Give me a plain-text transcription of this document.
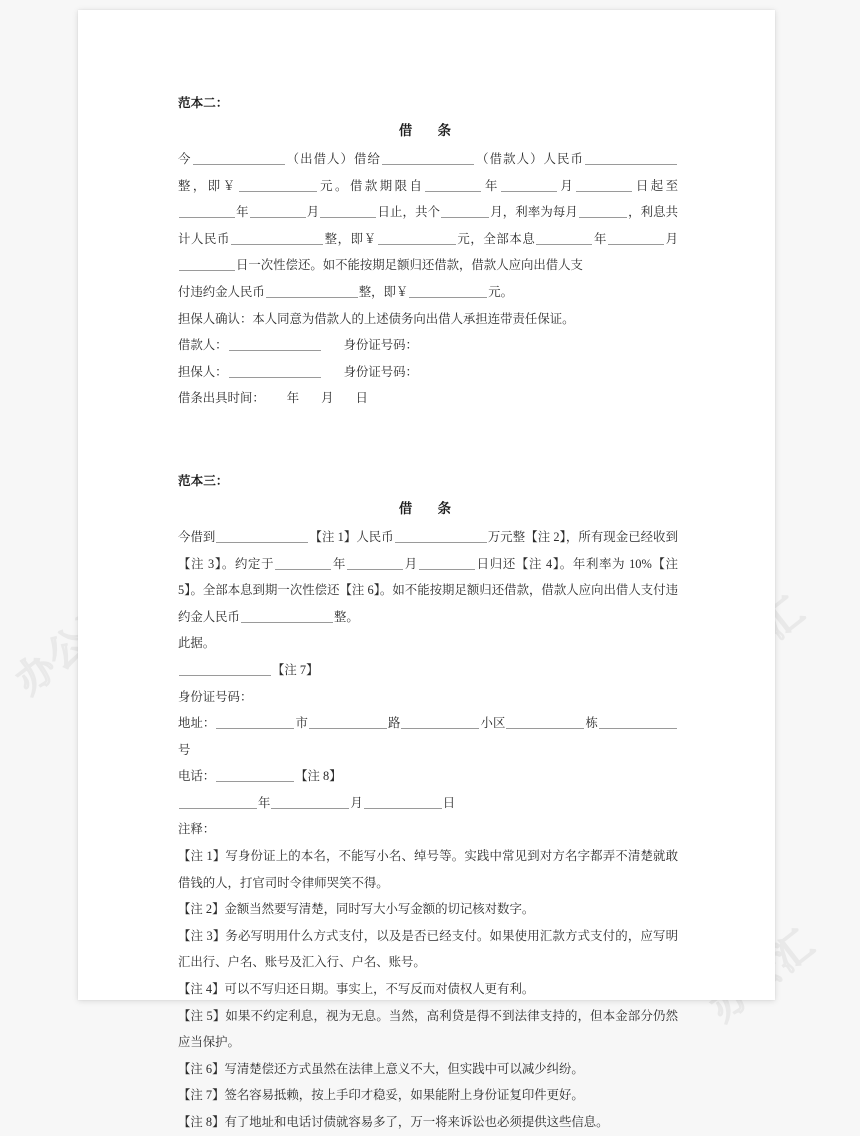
办公汇
范本二：
借　条

今	（出借人）借给	（借款人）人民币整，即￥	元。借款期限自	年	月	日起至年	月	日止，共个	月，利率为每月	，利息共计人民币	整，即￥	元，全部本息	年	月日一次性偿还。如不能按期足额归还借款，借款人应向出借人支

付违约金人民币	整，即￥	元。

担保人确认：本人同意为借款人的上述债务向出借人承担连带责任保证。

借款人：	身份证号码：

担保人：	身份证号码：

借条出具时间： 年 月 日

范本三：
借　条

今借到	【注 1】人民币	万元整【注 2】，所有现金已经收到【注 3】。约定于	年	月	日归还【注 4】。年利率为 10%【注 5】。全部本息到期一次性偿还【注 6】。如不能按期足额归还借款，借款人应向出借人支付违约金人民币	整。

此据。

【注 7】

身份证号码：

地址：	市	路	小区	栋号

电话：	【注 8】

年	月	日

注释：

【注 1】写身份证上的本名，不能写小名、绰号等。实践中常见到对方名字都弄不清楚就敢借钱的人，打官司时令律师哭笑不得。

【注 2】金额当然要写清楚，同时写大小写金额的切记核对数字。

【注 3】务必写明用什么方式支付，以及是否已经支付。如果使用汇款方式支付的，应写明汇出行、户名、账号及汇入行、户名、账号。

【注 4】可以不写归还日期。事实上，不写反而对债权人更有利。

【注 5】如果不约定利息，视为无息。当然，高利贷是得不到法律支持的，但本金部分仍然应当保护。

【注 6】写清楚偿还方式虽然在法律上意义不大，但实践中可以减少纠纷。

【注 7】签名容易抵赖，按上手印才稳妥，如果能附上身份证复印件更好。

【注 8】有了地址和电话讨债就容易多了，万一将来诉讼也必须提供这些信息。
